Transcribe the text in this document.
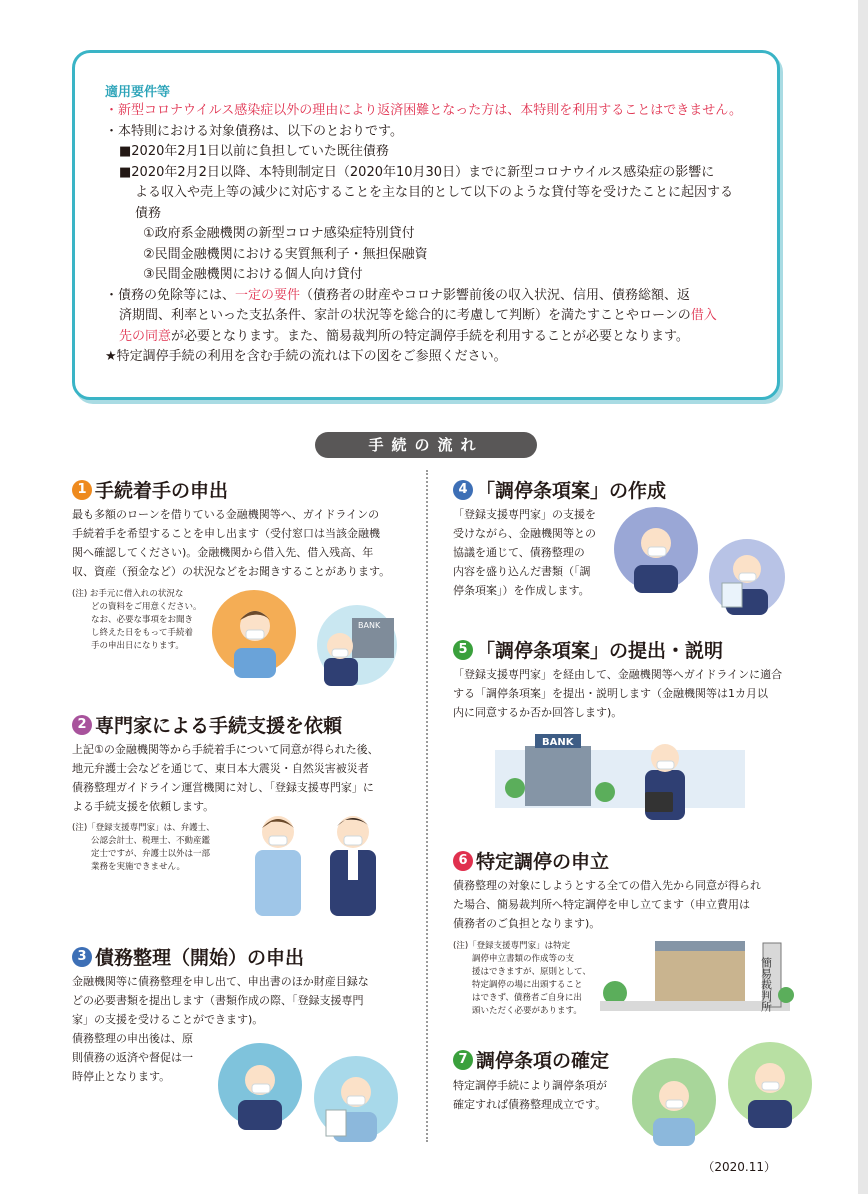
適用要件等
・新型コロナウイルス感染症以外の理由により返済困難となった方は、本特則を利用することはできません。
・本特則における対象債務は、以下のとおりです。
■2020年2月1日以前に負担していた既往債務
■2020年2月2日以降、本特則制定日（2020年10月30日）までに新型コロナウイルス感染症の影響に
よる収入や売上等の減少に対応することを主な目的として以下のような貸付等を受けたことに起因する
債務
①政府系金融機関の新型コロナ感染症特別貸付
②民間金融機関における実質無利子・無担保融資
③民間金融機関における個人向け貸付
・債務の免除等には、一定の要件（債務者の財産やコロナ影響前後の収入状況、信用、債務総額、返
済期間、利率といった支払条件、家計の状況等を総合的に考慮して判断）を満たすことやローンの借入
先の同意が必要となります。また、簡易裁判所の特定調停手続を利用することが必要となります。
★特定調停手続の利用を含む手続の流れは下の図をご参照ください。
手続の流れ
1 手続着手の申出
最も多額のローンを借りている金融機関等へ、ガイドラインの
手続着手を希望することを申し出ます（受付窓口は当該金融機
関へ確認してください)。金融機関から借入先、借入残高、年
収、資産（預金など）の状況などをお聞きすることがあります。
(注) お手元に借入れの状況な
どの資料をご用意ください。
なお、必要な事項をお聞き
し終えた日をもって手続着
手の申出日になります。
BANK
2 専門家による手続支援を依頼
上記①の金融機関等から手続着手について同意が得られた後、
地元弁護士会などを通じて、東日本大震災・自然災害被災者
債務整理ガイドライン運営機関に対し、「登録支援専門家」に
よる手続支援を依頼します。
(注)「登録支援専門家」は、弁護士、
公認会計士、税理士、不動産鑑
定士ですが、弁護士以外は一部
業務を実施できません。
3 債務整理（開始）の申出
金融機関等に債務整理を申し出て、申出書のほか財産目録な
どの必要書類を提出します（書類作成の際、「登録支援専門
家」の支援を受けることができます)。
債務整理の申出後は、原
則債務の返済や督促は一
時停止となります。
4 「調停条項案」の作成
「登録支援専門家」の支援を
受けながら、金融機関等との
協議を通じて、債務整理の
内容を盛り込んだ書類（「調
停条項案」）を作成します。
5 「調停条項案」の提出・説明
「登録支援専門家」を経由して、金融機関等へガイドラインに適合
する「調停条項案」を提出・説明します（金融機関等は1カ月以
内に同意するか否か回答します)。
BANK
6 特定調停の申立
債務整理の対象にしようとする全ての借入先から同意が得られ
た場合、簡易裁判所へ特定調停を申し立てます（申立費用は
債務者のご負担となります)。
(注)「登録支援専門家」は特定
調停申立書類の作成等の支
援はできますが、原則として、
特定調停の場に出頭すること
はできず、債務者ご自身に出
頭いただく必要があります。	簡易裁判所
7 調停条項の確定
特定調停手続により調停条項が
確定すれば債務整理成立です。
（2020.11）
